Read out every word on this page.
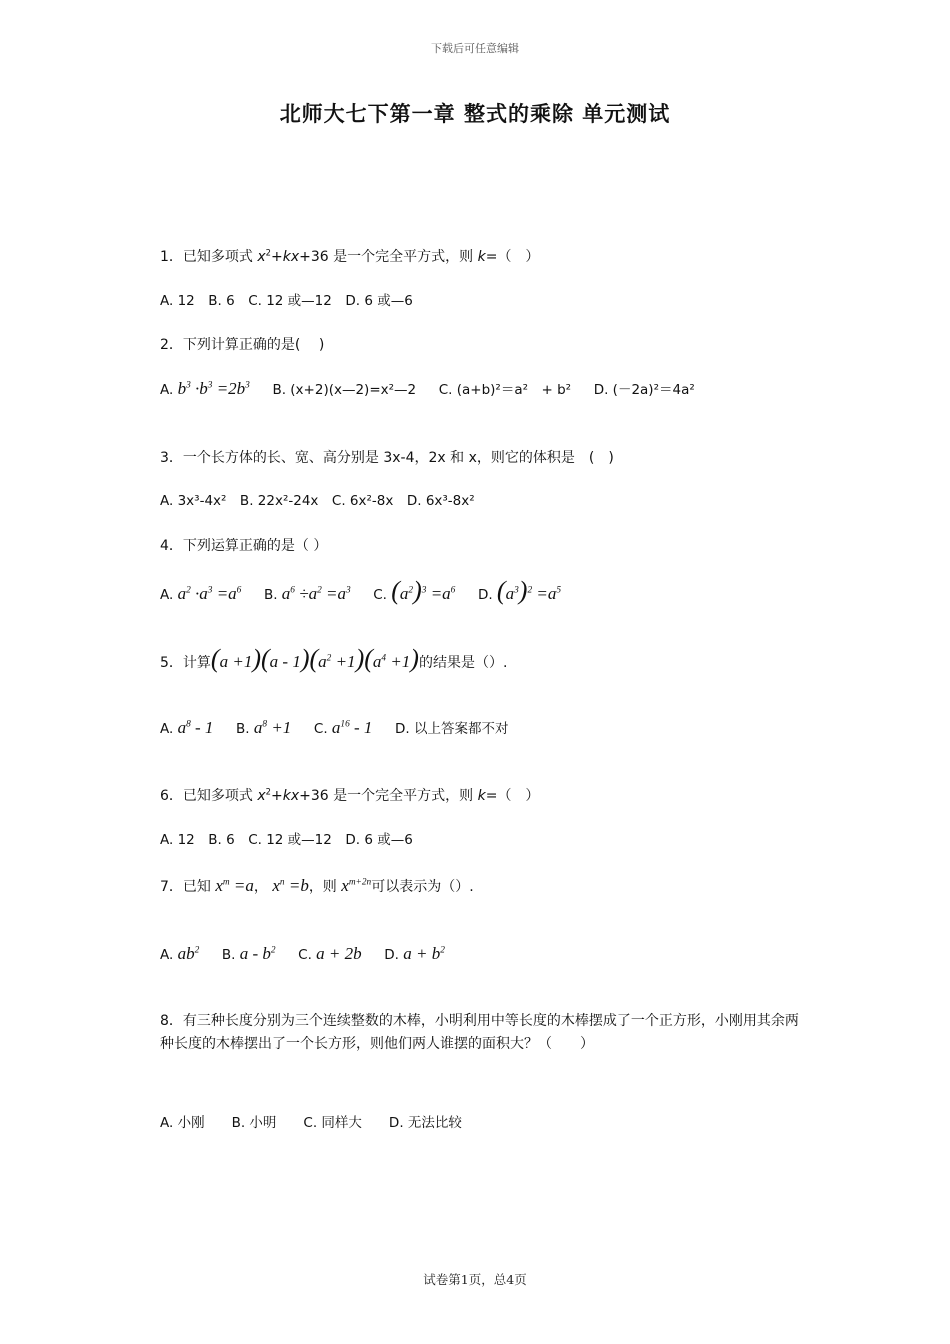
下载后可任意编辑
北师大七下第一章 整式的乘除 单元测试
1．已知多项式 $x^2+kx+36$ 是一个完全平方式，则 k=（　）
A. 12　B. 6　C. 12 或—12　D. 6 或—6
2．下列计算正确的是(　 )
A. $b^3 \cdot b^3 =2b^3$ B. (x+2)(x—2)=x²—2 C. (a+b)²＝a²　+ b² D. (－2a)²＝4a²
3．一个长方体的长、宽、高分别是 3x-4，2x 和 x，则它的体积是　(　)
A. 3x³-4x²　B. 22x²-24x　C. 6x²-8x　D. 6x³-8x²
4．下列运算正确的是（ ）
A. $a^2 \cdot a^3 =a^6$ B. $a^6 \div a^2 =a^3$ C. $(a^2)^3 =a^6$ D. $(a^3)^2 =a^5$
5．计算$(a +1)(a - 1)(a^2 +1)(a^4 +1)$的结果是（）.
A. $a^8 - 1$ B. $a^8 +1$ C. $a^{16} - 1$ D. 以上答案都不对
6．已知多项式 $x^2+kx+36$ 是一个完全平方式，则 k=（　）
A. 12　B. 6　C. 12 或—12　D. 6 或—6
7．已知 $x^m =a$， $x^n =b$，则 $x^{m+2n}$可以表示为（）.
A. $ab^2$ B. a - $b^2$ C. a + 2b D. $a + b^2$
8．有三种长度分别为三个连续整数的木棒，小明利用中等长度的木棒摆成了一个正方形，小刚用其余两种长度的木棒摆出了一个长方形，则他们两人谁摆的面积大？（　　）
A. 小刚　　B. 小明　　C. 同样大　　D. 无法比较
试卷第1页，总4页
